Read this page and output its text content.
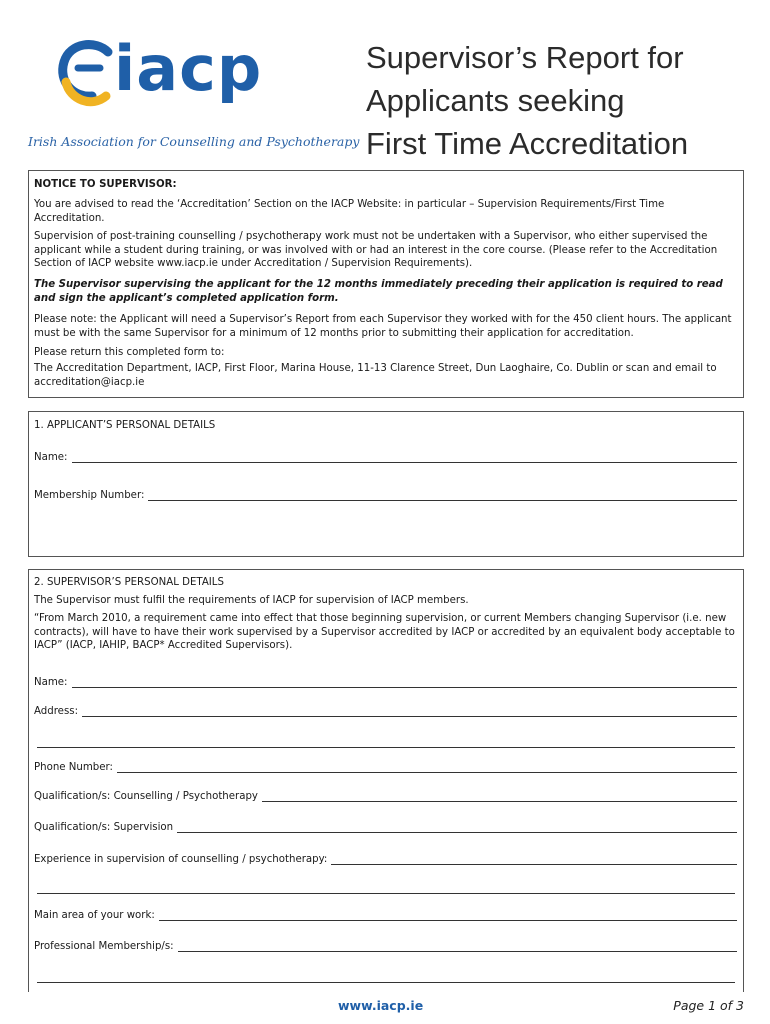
iacp
Irish Association for Counselling and Psychotherapy
Supervisor’s Report for
Applicants seeking
First Time Accreditation
NOTICE TO SUPERVISOR:
You are advised to read the ‘Accreditation’ Section on the IACP Website: in particular – Supervision Requirements/First Time Accreditation.
Supervision of post-training counselling / psychotherapy work must not be undertaken with a Supervisor, who either supervised the applicant while a student during training, or was involved with or had an interest in the core course. (Please refer to the Accreditation Section of IACP website www.iacp.ie under Accreditation / Supervision Requirements).
The Supervisor supervising the applicant for the 12 months immediately preceding their application is required to read and sign the applicant’s completed application form.
Please note: the Applicant will need a Supervisor’s Report from each Supervisor they worked with for the 450 client hours. The applicant must be with the same Supervisor for a minimum of 12 months prior to submitting their application for accreditation.
Please return this completed form to:
The Accreditation Department, IACP, First Floor, Marina House, 11-13 Clarence Street, Dun Laoghaire, Co. Dublin or scan and email to accreditation@iacp.ie
1. APPLICANT’S PERSONAL DETAILS
Name:
Membership Number:
2. SUPERVISOR’S PERSONAL DETAILS
The Supervisor must fulfil the requirements of IACP for supervision of IACP members.
“From March 2010, a requirement came into effect that those beginning supervision, or current Members changing Supervisor (i.e. new contracts), will have to have their work supervised by a Supervisor accredited by IACP or accredited by an equivalent body acceptable to IACP” (IACP, IAHIP, BACP* Accredited Supervisors).
Name:
Address:
Phone Number:
Qualification/s: Counselling / Psychotherapy
Qualification/s: Supervision
Experience in supervision of counselling / psychotherapy:
Main area of your work:
Professional Membership/s:
www.iacp.ie	Page 1 of 3
